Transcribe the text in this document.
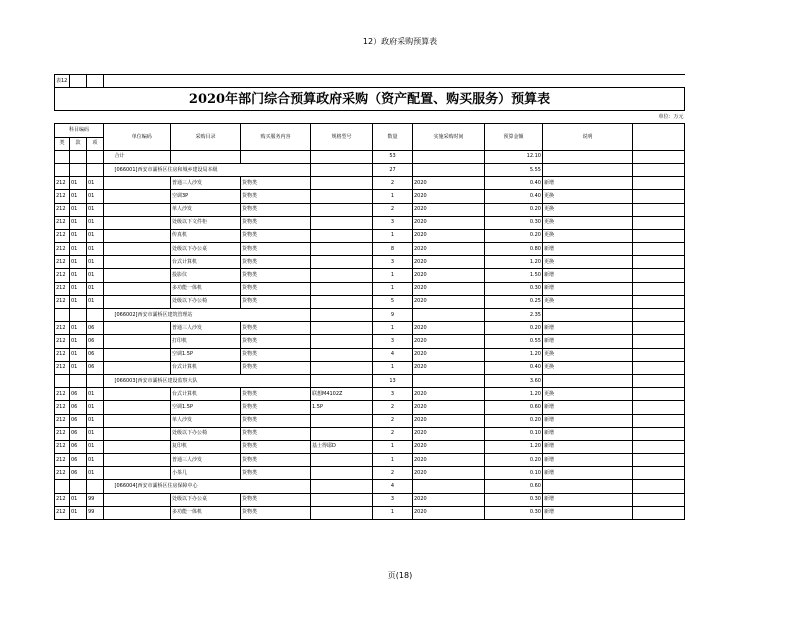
12）政府采购预算表
表12												
2020年部门综合预算政府采购（资产配置、购买服务）预算表												
单位：万元												
科目编码				单位编码	采购目录	购买服务内容	规格型号	数量	实施采购时间	预算金额	说明	
类	款	项										
				合计				53		12.10		
				[066001]西安市灞桥区住房和城乡建设局本级				27		5.55		
212	01	01			普通三人沙发	货物类		2	2020	0.40	新增	
212	01	01			空调3P	货物类		1	2020	0.40	更换	
212	01	01			单人沙发	货物类		2	2020	0.20	更换	
212	01	01			处级以下文件柜	货物类		3	2020	0.30	更换	
212	01	01			传真机	货物类		1	2020	0.20	更换	
212	01	01			处级以下办公桌	货物类		8	2020	0.80	新增	
212	01	01			台式计算机	货物类		3	2020	1.20	更换	
212	01	01			投影仪	货物类		1	2020	1.50	新增	
212	01	01			多功能一体机	货物类		1	2020	0.30	新增	
212	01	01			处级以下办公椅	货物类		5	2020	0.25	更换	
				[066002]西安市灞桥区建筑管理站				9		2.35		
212	01	06			普通三人沙发	货物类		1	2020	0.20	新增	
212	01	06			打印机	货物类		3	2020	0.55	新增	
212	01	06			空调1.5P	货物类		4	2020	1.20	更换	
212	01	06			台式计算机	货物类		1	2020	0.40	更换	
				[066003]西安市灞桥区建设监察大队				13		3.60		
212	06	01			台式计算机	货物类	联想M4102Z	3	2020	1.20	更换	
212	06	01			空调1.5P	货物类	1.5P	2	2020	0.60	新增	
212	06	01			单人沙发	货物类		2	2020	0.20	新增	
212	06	01			处级以下办公椅	货物类		2	2020	0.10	新增	
212	06	01			复印机	货物类	基士得耶D	1	2020	1.20	新增	
212	06	01			普通三人沙发	货物类		1	2020	0.20	新增	
212	06	01			小茶几	货物类		2	2020	0.10	新增	
				[066004]西安市灞桥区住房保障中心				4		0.60		
212	01	99			处级以下办公桌	货物类		3	2020	0.30	新增	
212	01	99			多功能一体机	货物类		1	2020	0.30	新增	
页(18)
